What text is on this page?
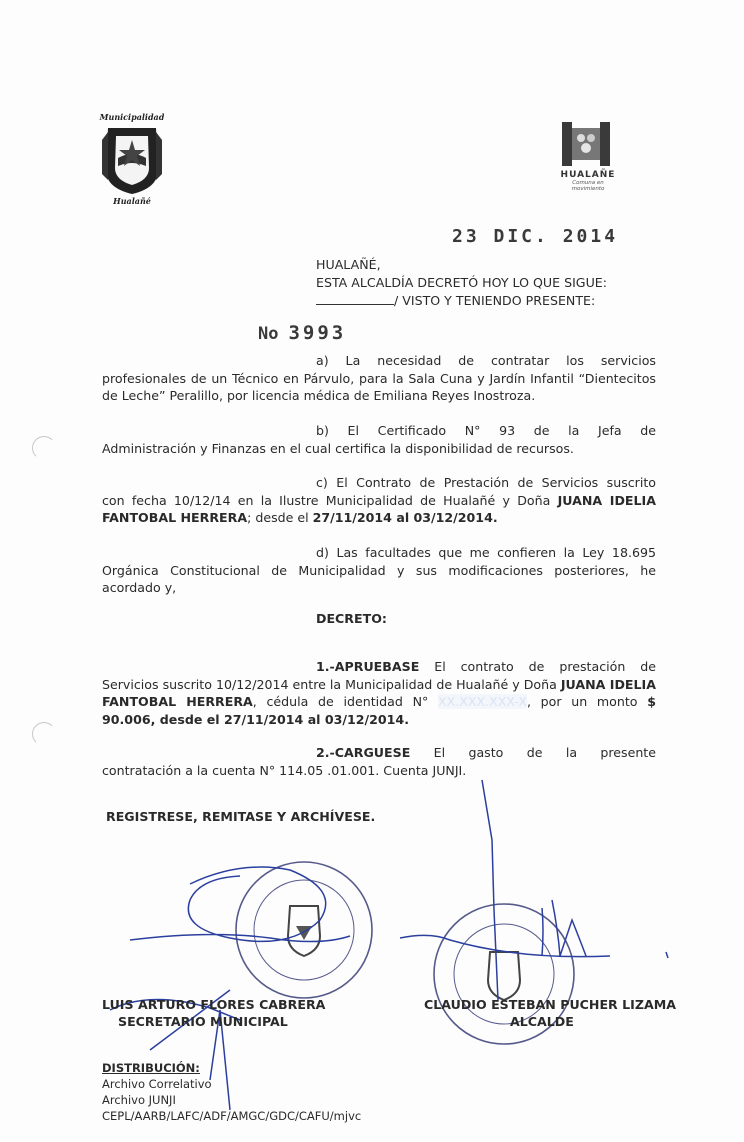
Municipalidad
Hualañé
HUALAÑE
Comuna en movimiento
23 DIC. 2014
HUALAÑÉ,
ESTA ALCALDÍA DECRETÓ HOY LO QUE SIGUE:
/ VISTO Y TENIENDO PRESENTE:
No 3993
a) La necesidad de contratar los servicios
profesionales de un Técnico en Párvulo, para la Sala Cuna y Jardín Infantil “Dientecitos de Leche” Peralillo, por licencia médica de Emiliana Reyes Inostroza.
b) El Certificado N° 93 de la Jefa de
Administración y Finanzas en el cual certifica la disponibilidad de recursos.
c) El Contrato de Prestación de Servicios suscrito
con fecha 10/12/14 en la Ilustre Municipalidad de Hualañé y Doña JUANA IDELIA FANTOBAL HERRERA; desde el 27/11/2014 al 03/12/2014.
d) Las facultades que me confieren la Ley 18.695
Orgánica Constitucional de Municipalidad y sus modificaciones posteriores, he acordado y,
DECRETO:
1.-APRUEBASE El contrato de prestación de
Servicios suscrito 10/12/2014 entre la Municipalidad de Hualañé y Doña JUANA IDELIA FANTOBAL HERRERA, cédula de identidad N° XX.XXX.XXX-X, por un monto $ 90.006, desde el 27/11/2014 al 03/12/2014.
2.-CARGUESE El gasto de la presente
contratación a la cuenta N° 114.05 .01.001. Cuenta JUNJI.
REGISTRESE, REMITASE Y ARCHÍVESE.
LUIS ARTURO FLORES CABRERA
SECRETARIO MUNICIPAL
CLAUDIO ESTEBAN PUCHER LIZAMA
ALCALDE
DISTRIBUCIÓN:
Archivo Correlativo
Archivo JUNJI
CEPL/AARB/LAFC/ADF/AMGC/GDC/CAFU/mjvc
